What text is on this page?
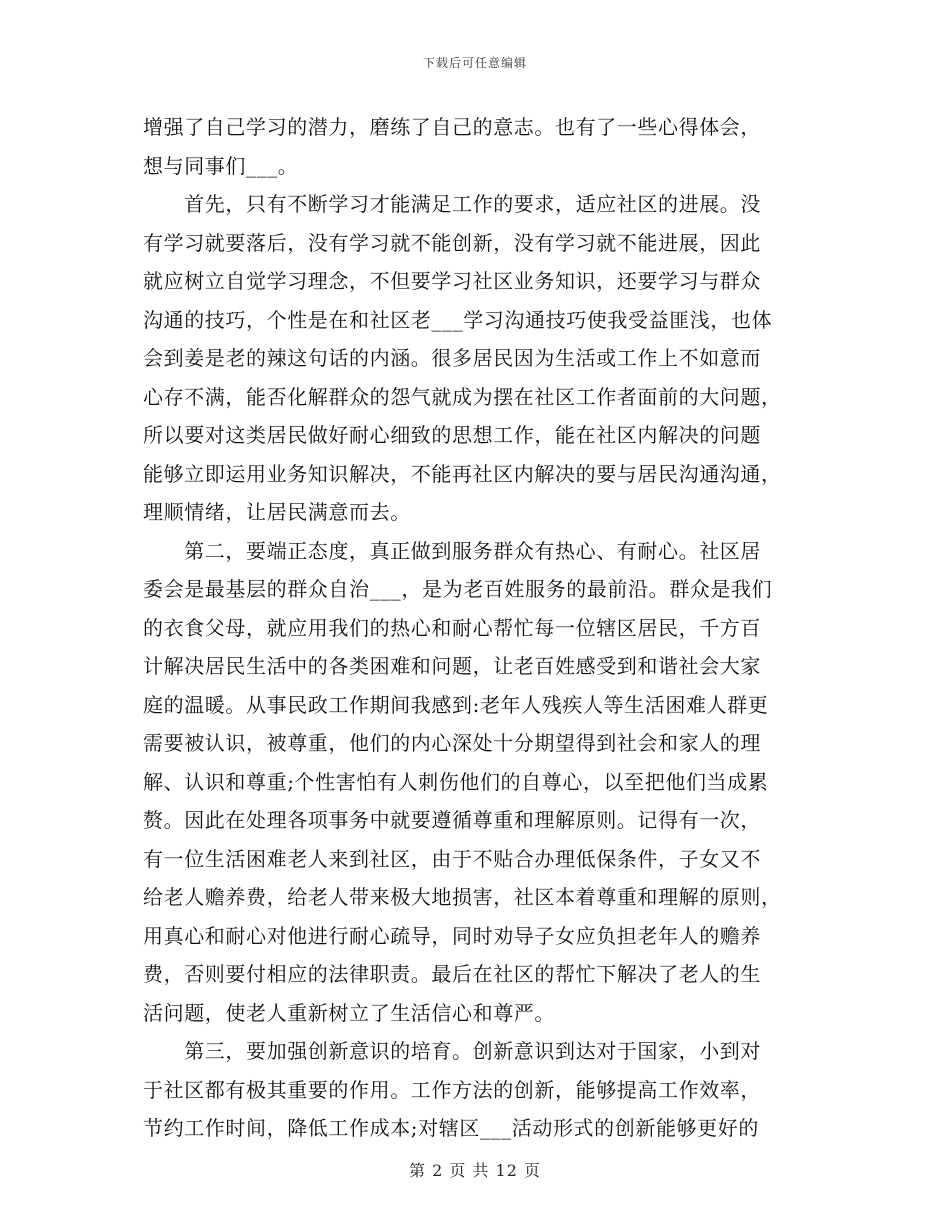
下载后可任意编辑

增强了自己学习的潜力，磨练了自己的意志。也有了一些心得体会，

想与同事们___。

　　首先，只有不断学习才能满足工作的要求，适应社区的进展。没

有学习就要落后，没有学习就不能创新，没有学习就不能进展，因此

就应树立自觉学习理念，不但要学习社区业务知识，还要学习与群众

沟通的技巧，个性是在和社区老___学习沟通技巧使我受益匪浅，也体

会到姜是老的辣这句话的内涵。很多居民因为生活或工作上不如意而

心存不满，能否化解群众的怨气就成为摆在社区工作者面前的大问题，

所以要对这类居民做好耐心细致的思想工作，能在社区内解决的问题

能够立即运用业务知识解决，不能再社区内解决的要与居民沟通沟通，

理顺情绪，让居民满意而去。

　　第二，要端正态度，真正做到服务群众有热心、有耐心。社区居

委会是最基层的群众自治___，是为老百姓服务的最前沿。群众是我们

的衣食父母，就应用我们的热心和耐心帮忙每一位辖区居民，千方百

计解决居民生活中的各类困难和问题，让老百姓感受到和谐社会大家

庭的温暖。从事民政工作期间我感到:老年人残疾人等生活困难人群更

需要被认识，被尊重，他们的内心深处十分期望得到社会和家人的理

解、认识和尊重;个性害怕有人刺伤他们的自尊心，以至把他们当成累

赘。因此在处理各项事务中就要遵循尊重和理解原则。记得有一次，

有一位生活困难老人来到社区，由于不贴合办理低保条件，子女又不

给老人赡养费，给老人带来极大地损害，社区本着尊重和理解的原则，

用真心和耐心对他进行耐心疏导，同时劝导子女应负担老年人的赡养

费，否则要付相应的法律职责。最后在社区的帮忙下解决了老人的生

活问题，使老人重新树立了生活信心和尊严。

　　第三，要加强创新意识的培育。创新意识到达对于国家，小到对

于社区都有极其重要的作用。工作方法的创新，能够提高工作效率，

节约工作时间，降低工作成本;对辖区___活动形式的创新能够更好的

第 2 页 共 12 页
